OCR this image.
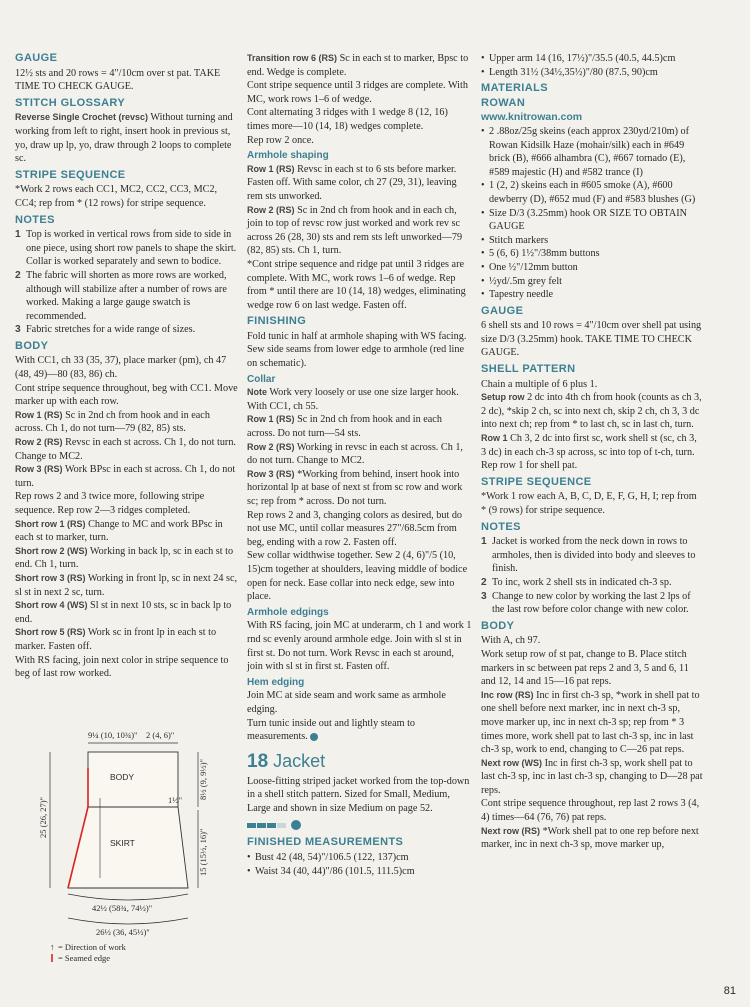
GAUGE

12½ sts and 20 rows = 4"/10cm over st pat. TAKE TIME TO CHECK GAUGE.

STITCH GLOSSARY

Reverse Single Crochet (revsc) Without turning and working from left to right, insert hook in previous st, yo, draw up lp, yo, draw through 2 loops to complete sc.

STRIPE SEQUENCE

*Work 2 rows each CC1, MC2, CC2, CC3, MC2, CC4; rep from * (12 rows) for stripe sequence.

NOTES
1 Top is worked in vertical rows from side to side in one piece, using short row panels to shape the skirt. Collar is worked separately and sewn to bodice.
2 The fabric will shorten as more rows are worked, although will stabilize after a number of rows are worked. Making a large gauge swatch is recommended.
3 Fabric stretches for a wide range of sizes.
BODY

With CC1, ch 33 (35, 37), place marker (pm), ch 47 (48, 49)—80 (83, 86) ch.

Cont stripe sequence throughout, beg with CC1. Move marker up with each row.

Row 1 (RS) Sc in 2nd ch from hook and in each across. Ch 1, do not turn—79 (82, 85) sts.

Row 2 (RS) Revsc in each st across. Ch 1, do not turn. Change to MC2.

Row 3 (RS) Work BPsc in each st across. Ch 1, do not turn.

Rep rows 2 and 3 twice more, following stripe sequence. Rep row 2—3 ridges completed.

Short row 1 (RS) Change to MC and work BPsc in each st to marker, turn.

Short row 2 (WS) Working in back lp, sc in each st to end. Ch 1, turn.

Short row 3 (RS) Working in front lp, sc in next 24 sc, sl st in next 2 sc, turn.

Short row 4 (WS) Sl st in next 10 sts, sc in back lp to end.

Short row 5 (RS) Work sc in front lp in each st to marker. Fasten off.

With RS facing, join next color in stripe sequence to beg of last row worked.

9¼ (10, 10¾)" 2 (4, 6)"
BODY
SKIRT
25 (26, 27)"
8½ (9, 9½)"
1½"
15 (15½, 16)"
42½ (58¾, 74½)"
26½ (36, 45½)"
↑ = Direction of work
= Seamed edge

Transition row 6 (RS) Sc in each st to marker, Bpsc to end. Wedge is complete.

Cont stripe sequence until 3 ridges are complete. With MC, work rows 1–6 of wedge.

Cont alternating 3 ridges with 1 wedge 8 (12, 16) times more—10 (14, 18) wedges complete.

Rep row 2 once.

Armhole shaping

Row 1 (RS) Revsc in each st to 6 sts before marker. Fasten off. With same color, ch 27 (29, 31), leaving rem sts unworked.

Row 2 (RS) Sc in 2nd ch from hook and in each ch, join to top of revsc row just worked and work rev sc across 26 (28, 30) sts and rem sts left unworked—79 (82, 85) sts. Ch 1, turn.

*Cont stripe sequence and ridge pat until 3 ridges are complete. With MC, work rows 1–6 of wedge. Rep from * until there are 10 (14, 18) wedges, eliminating wedge row 6 on last wedge. Fasten off.

FINISHING

Fold tunic in half at armhole shaping with WS facing. Sew side seams from lower edge to armhole (red line on schematic).

Collar

Note Work very loosely or use one size larger hook. With CC1, ch 55.

Row 1 (RS) Sc in 2nd ch from hook and in each across. Do not turn—54 sts.

Row 2 (RS) Working in revsc in each st across. Ch 1, do not turn. Change to MC2.

Row 3 (RS) *Working from behind, insert hook into horizontal lp at base of next st from sc row and work sc; rep from * across. Do not turn.

Rep rows 2 and 3, changing colors as desired, but do not use MC, until collar measures 27"/68.5cm from beg, ending with a row 2. Fasten off.

Sew collar widthwise together. Sew 2 (4, 6)"/5 (10, 15)cm together at shoulders, leaving middle of bodice open for neck. Ease collar into neck edge, sew into place.

Armhole edgings

With RS facing, join MC at underarm, ch 1 and work 1 rnd sc evenly around armhole edge. Join with sl st in first st. Do not turn. Work Revsc in each st around, join with sl st in first st. Fasten off.

Hem edging

Join MC at side seam and work same as armhole edging.

Turn tunic inside out and lightly steam to measurements.

18 Jacket

Loose-fitting striped jacket worked from the top-down in a shell stitch pattern. Sized for Small, Medium, Large and shown in size Medium on page 52.

FINISHED MEASUREMENTS
• Bust 42 (48, 54)"/106.5 (122, 137)cm
• Waist 34 (40, 44)"/86 (101.5, 111.5)cm
• Upper arm 14 (16, 17½)"/35.5 (40.5, 44.5)cm
• Length 31½ (34½,35½)"/80 (87.5, 90)cm
MATERIALS
ROWAN
www.knitrowan.com
• 2 .88oz/25g skeins (each approx 230yd/210m) of Rowan Kidsilk Haze (mohair/silk) each in #649 brick (B), #666 alhambra (C), #667 tornado (E), #589 majestic (H) and #582 trance (I)
• 1 (2, 2) skeins each in #605 smoke (A), #600 dewberry (D), #652 mud (F) and #583 blushes (G)
• Size D/3 (3.25mm) hook OR SIZE TO OBTAIN GAUGE
• Stitch markers
• 5 (6, 6) 1½"/38mm buttons
• One ½"/12mm button
• ½yd/.5m grey felt
• Tapestry needle
GAUGE

6 shell sts and 10 rows = 4"/10cm over shell pat using size D/3 (3.25mm) hook. TAKE TIME TO CHECK GAUGE.

SHELL PATTERN

Chain a multiple of 6 plus 1.

Setup row 2 dc into 4th ch from hook (counts as ch 3, 2 dc), *skip 2 ch, sc into next ch, skip 2 ch, ch 3, 3 dc into next ch; rep from * to last ch, sc in last ch, turn.

Row 1 Ch 3, 2 dc into first sc, work shell st (sc, ch 3, 3 dc) in each ch-3 sp across, sc into top of t-ch, turn.

Rep row 1 for shell pat.

STRIPE SEQUENCE

*Work 1 row each A, B, C, D, E, F, G, H, I; rep from * (9 rows) for stripe sequence.

NOTES
1 Jacket is worked from the neck down in rows to armholes, then is divided into body and sleeves to finish.
2 To inc, work 2 shell sts in indicated ch-3 sp.
3 Change to new color by working the last 2 lps of the last row before color change with new color.
BODY

With A, ch 97.

Work setup row of st pat, change to B. Place stitch markers in sc between pat reps 2 and 3, 5 and 6, 11 and 12, 14 and 15—16 pat reps.

Inc row (RS) Inc in first ch-3 sp, *work in shell pat to one shell before next marker, inc in next ch-3 sp, move marker up, inc in next ch-3 sp; rep from * 3 times more, work shell pat to last ch-3 sp, inc in last ch-3 sp, work to end, changing to C—26 pat reps.

Next row (WS) Inc in first ch-3 sp, work shell pat to last ch-3 sp, inc in last ch-3 sp, changing to D—28 pat reps.

Cont stripe sequence throughout, rep last 2 rows 3 (4, 4) times—64 (76, 76) pat reps.

Next row (RS) *Work shell pat to one rep before next marker, inc in next ch-3 sp, move marker up,

81
